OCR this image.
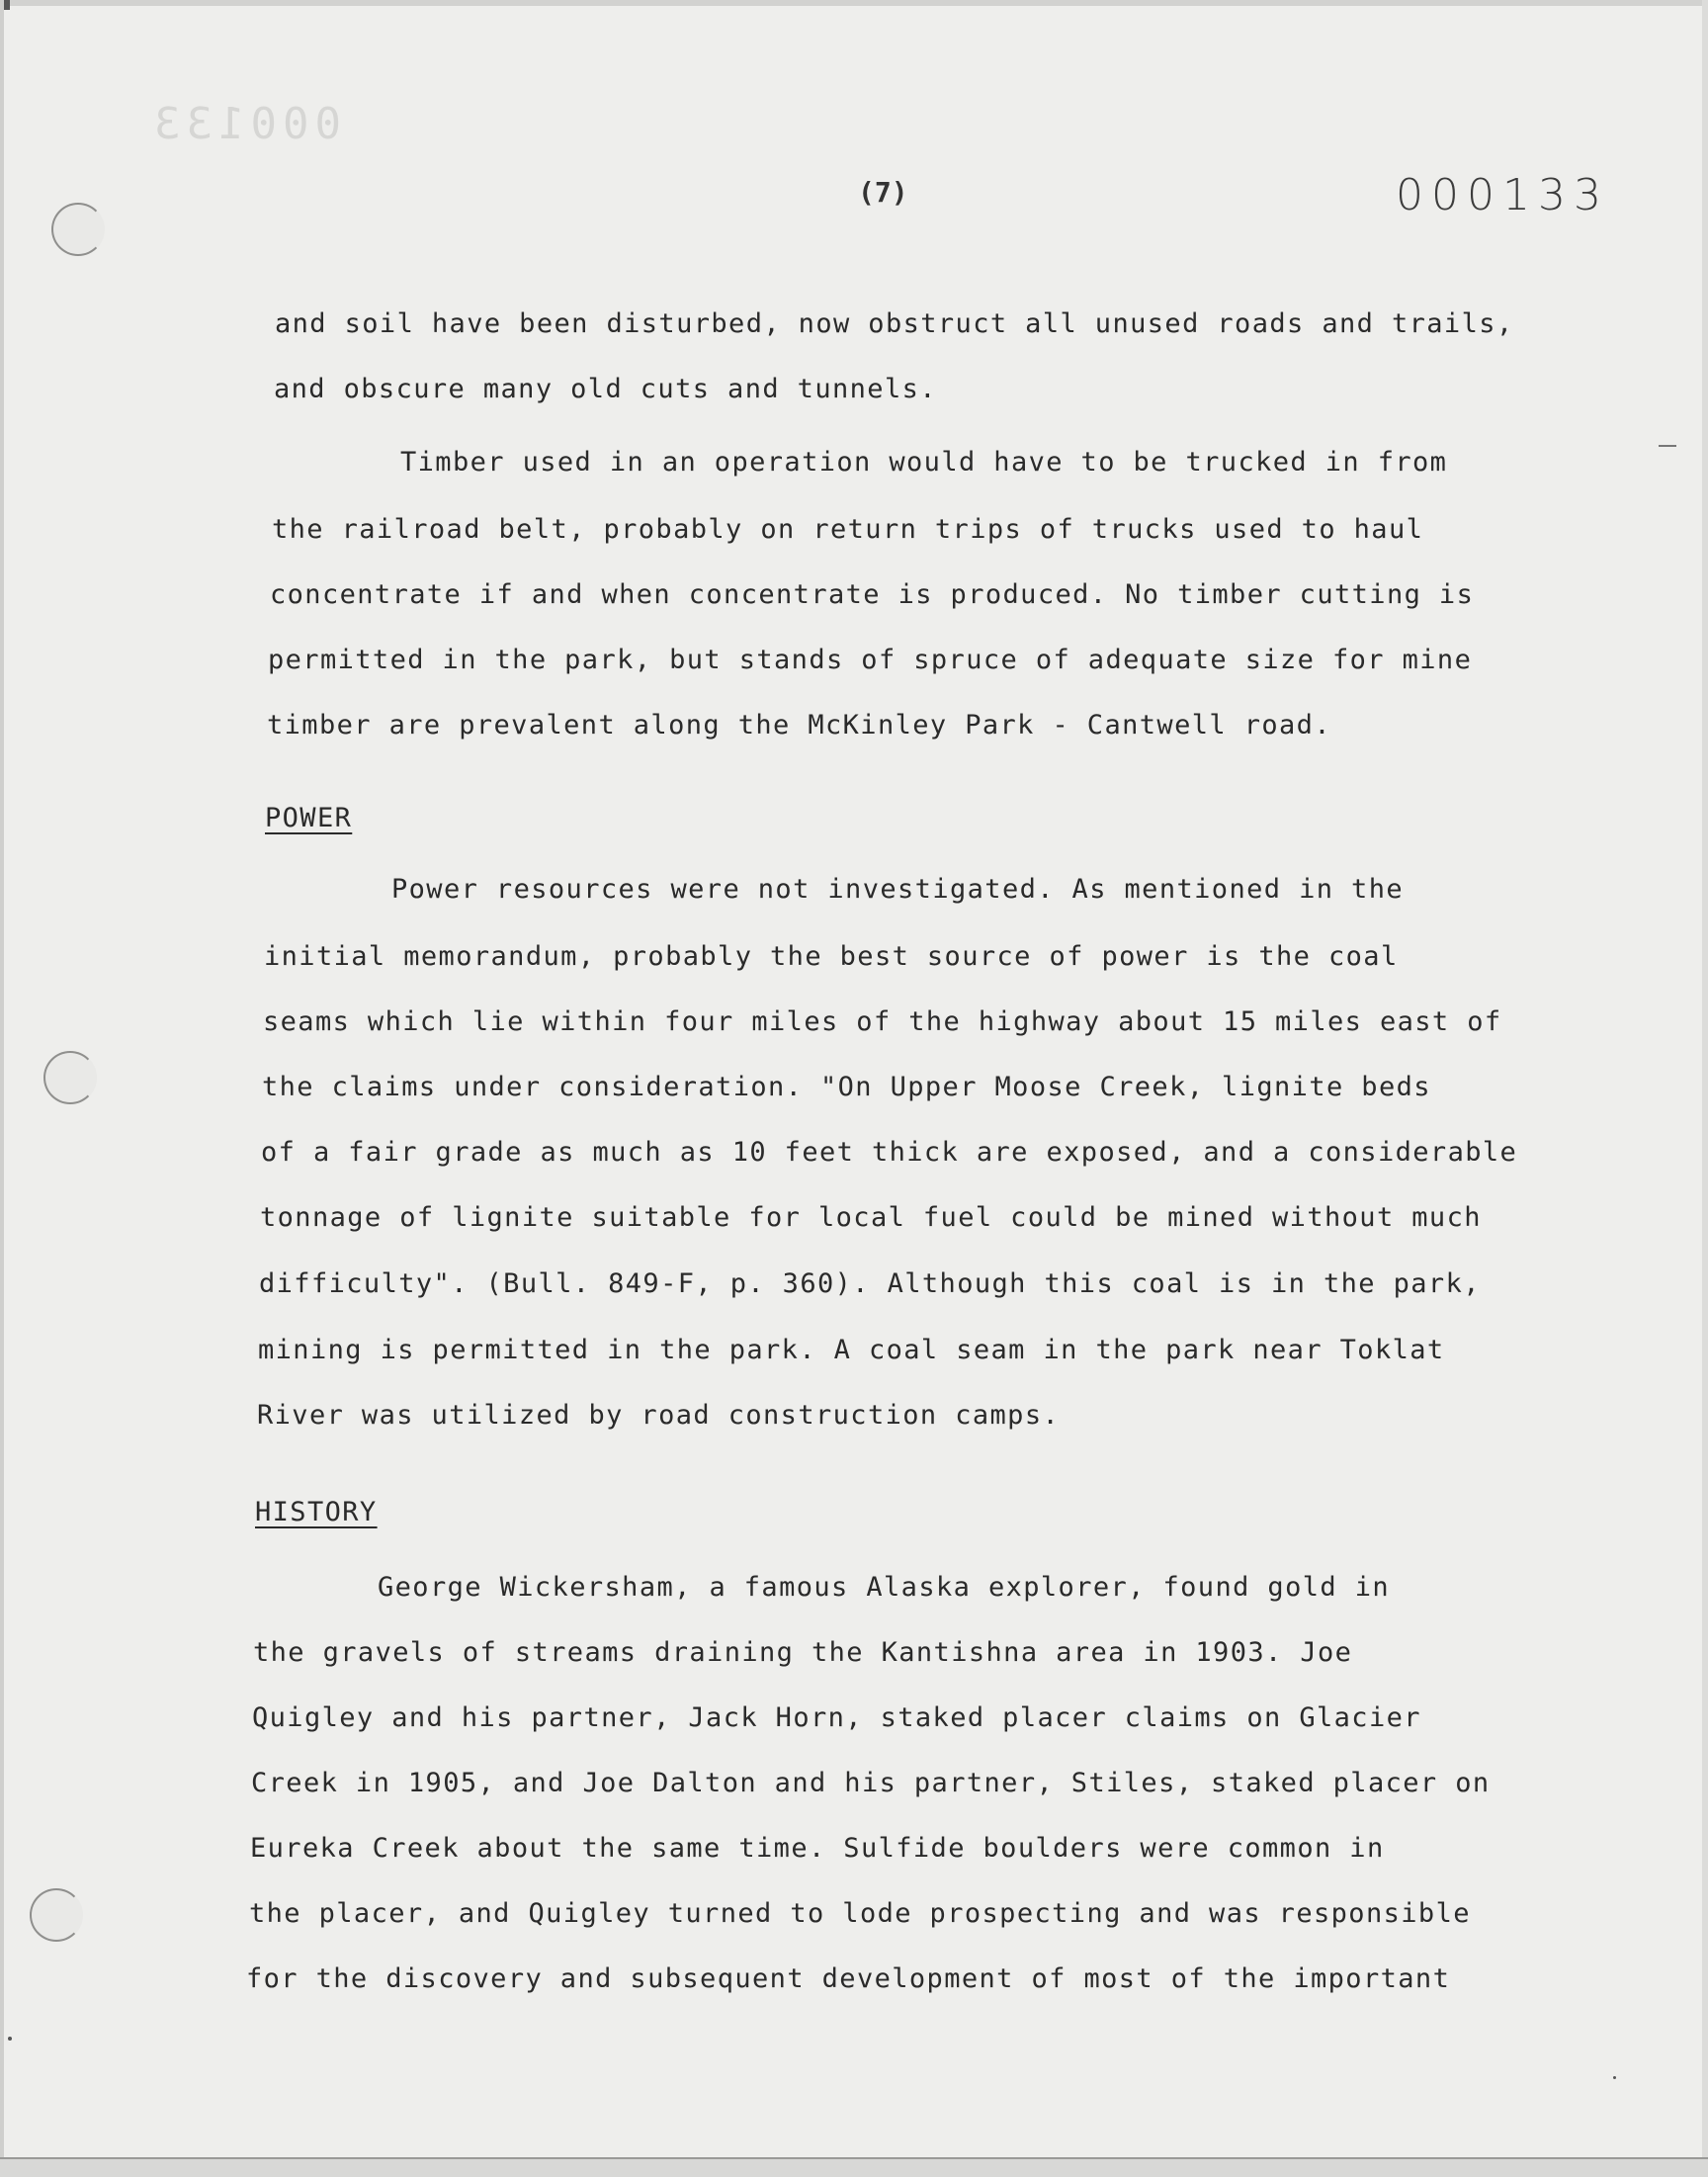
000133
(7)	000133
and soil have been disturbed, now obstruct all unused roads and trails,
and obscure many old cuts and tunnels.
Timber used in an operation would have to be trucked in from
the railroad belt, probably on return trips of trucks used to haul
concentrate if and when concentrate is produced. No timber cutting is
permitted in the park, but stands of spruce of adequate size for mine
timber are prevalent along the McKinley Park - Cantwell road.
POWER
Power resources were not investigated. As mentioned in the
initial memorandum, probably the best source of power is the coal
seams which lie within four miles of the highway about 15 miles east of
the claims under consideration. "On Upper Moose Creek, lignite beds
of a fair grade as much as 10 feet thick are exposed, and a considerable
tonnage of lignite suitable for local fuel could be mined without much
difficulty". (Bull. 849-F, p. 360). Although this coal is in the park,
mining is permitted in the park. A coal seam in the park near Toklat
River was utilized by road construction camps.
HISTORY
George Wickersham, a famous Alaska explorer, found gold in
the gravels of streams draining the Kantishna area in 1903. Joe
Quigley and his partner, Jack Horn, staked placer claims on Glacier
Creek in 1905, and Joe Dalton and his partner, Stiles, staked placer on
Eureka Creek about the same time. Sulfide boulders were common in
the placer, and Quigley turned to lode prospecting and was responsible
for the discovery and subsequent development of most of the important
